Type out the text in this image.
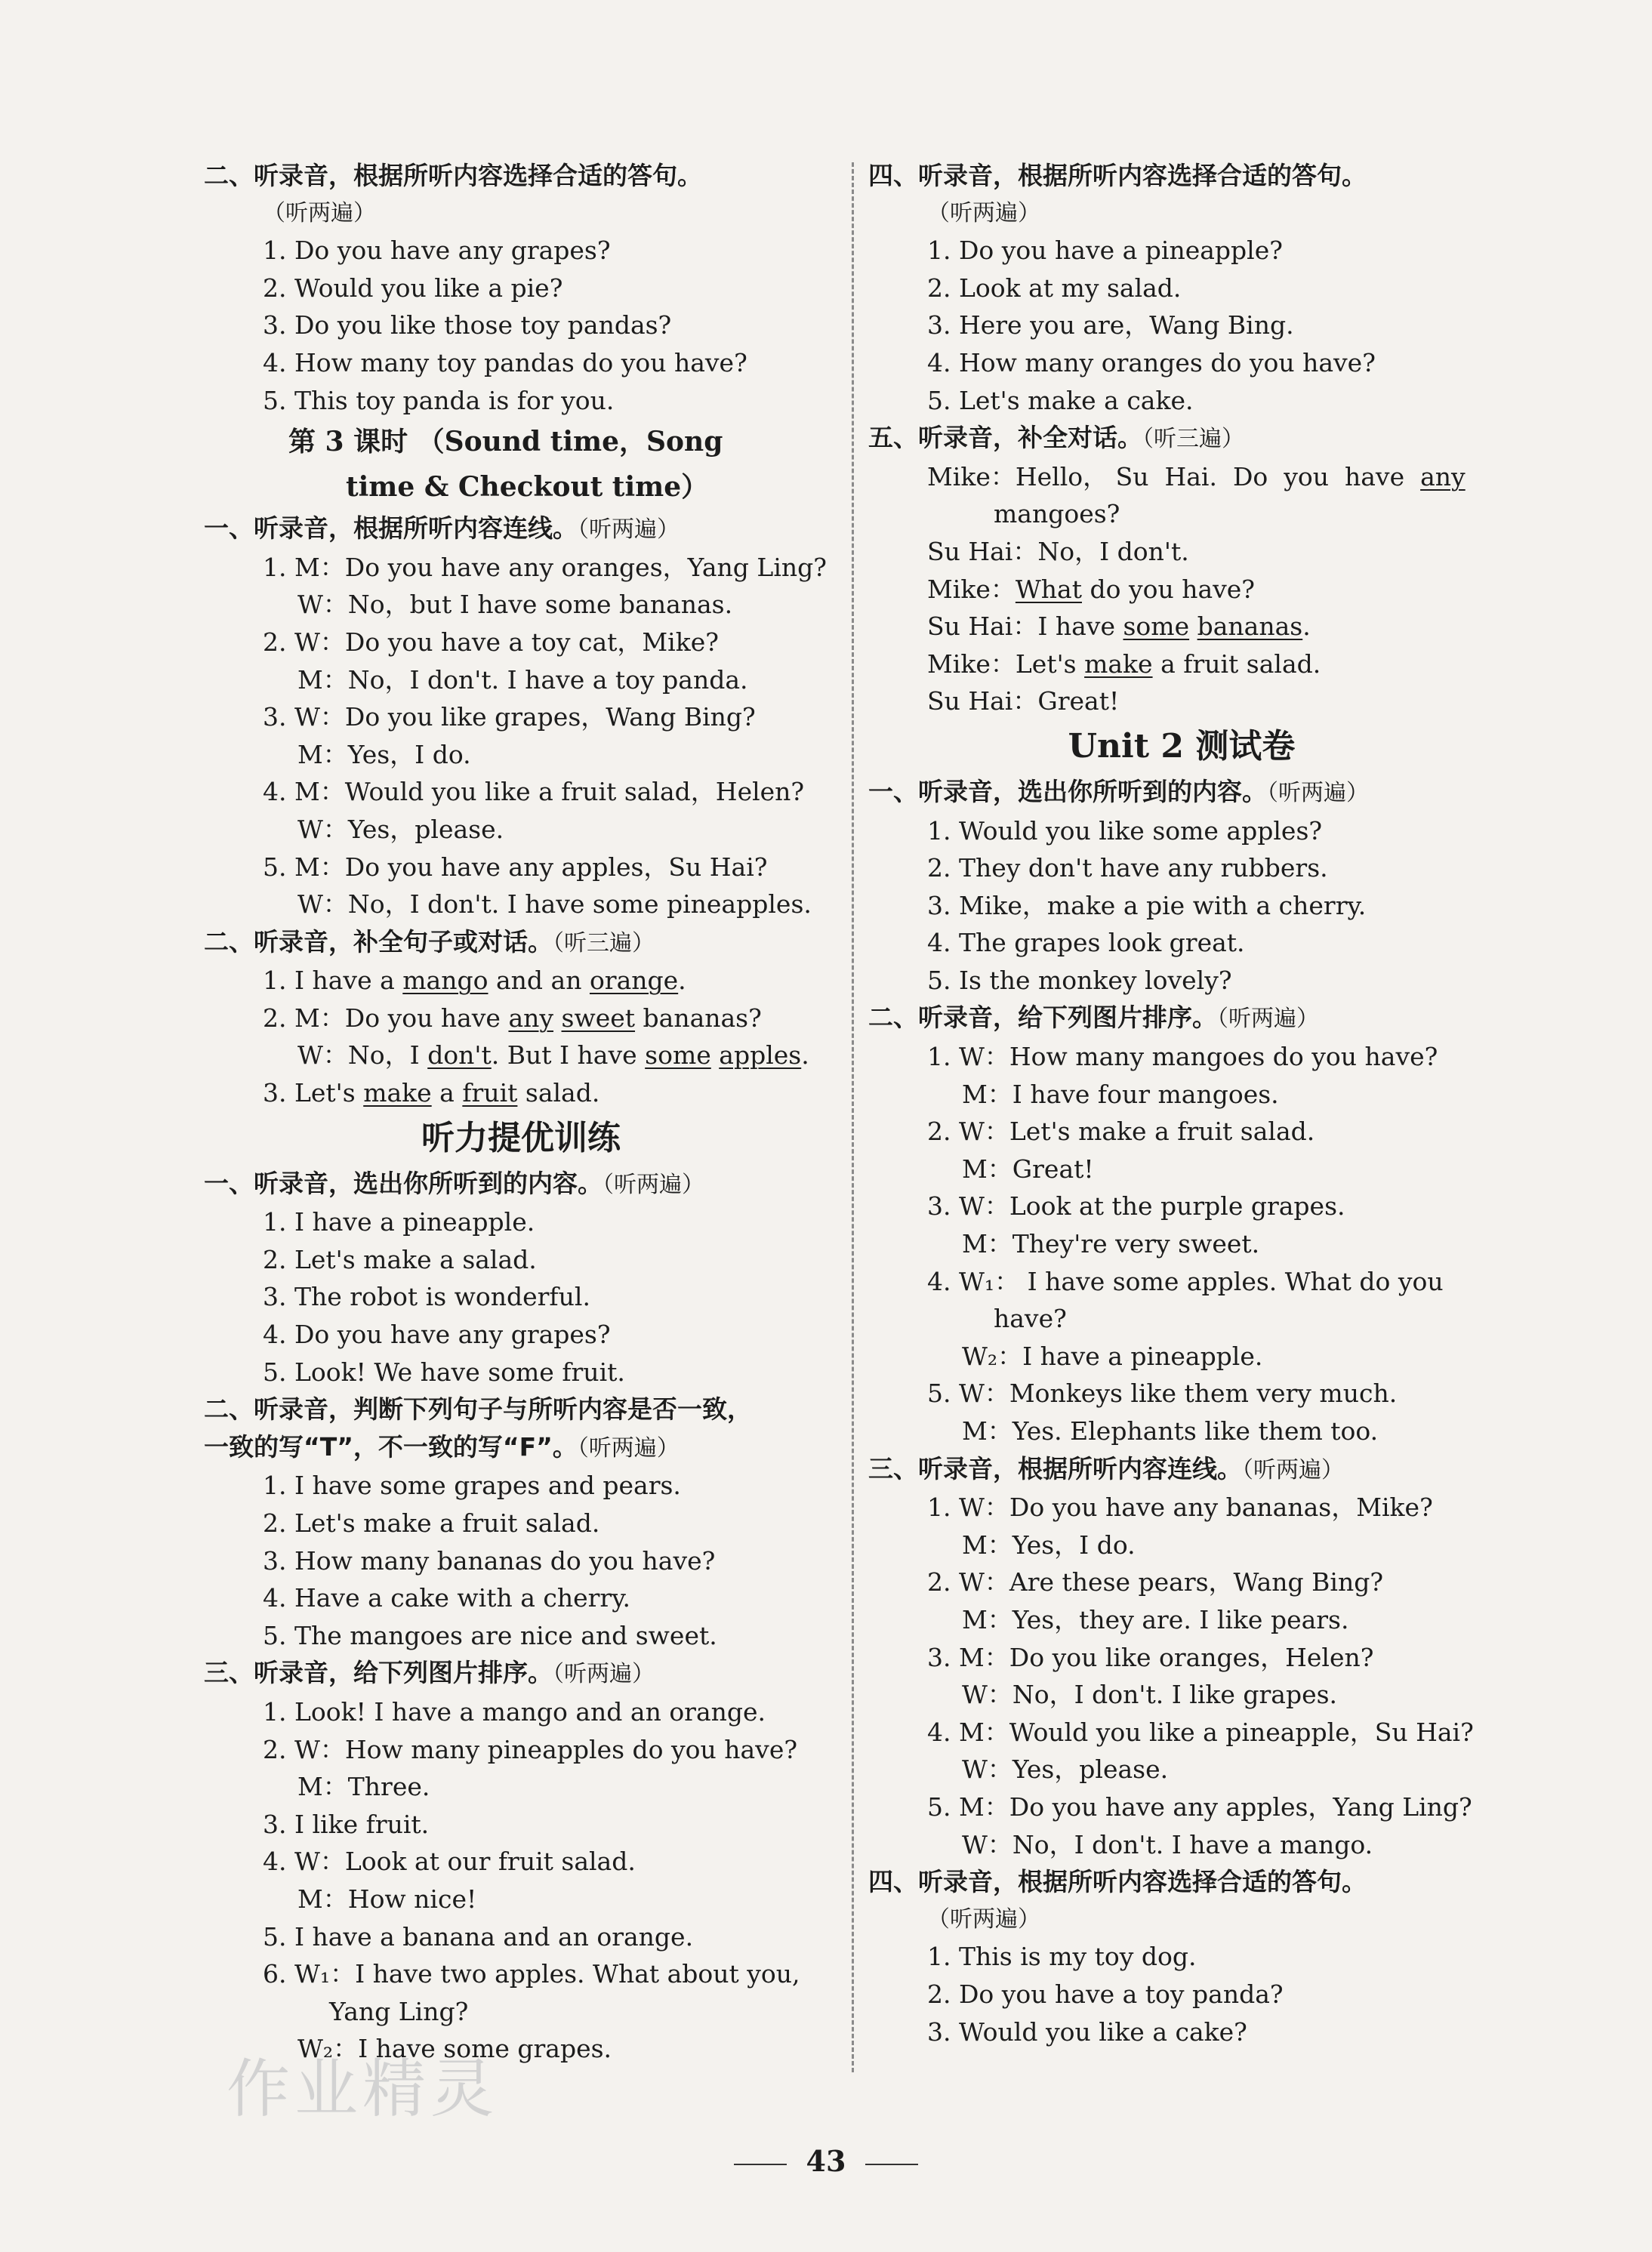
二、听录音，根据所听内容选择合适的答句。
（听两遍）
1. Do you have any grapes?
2. Would you like a pie?
3. Do you like those toy pandas?
4. How many toy pandas do you have?
5. This toy panda is for you.
第 3 课时 （Sound time，Song
time & Checkout time）
一、听录音，根据所听内容连线。（听两遍）
1. M：Do you have any oranges，Yang Ling?
W：No，but I have some bananas.
2. W：Do you have a toy cat，Mike?
M：No，I don't. I have a toy panda.
3. W：Do you like grapes，Wang Bing?
M：Yes，I do.
4. M：Would you like a fruit salad，Helen?
W：Yes，please.
5. M：Do you have any apples，Su Hai?
W：No，I don't. I have some pineapples.
二、听录音，补全句子或对话。（听三遍）
1. I have a mango and an orange.
2. M：Do you have any sweet bananas?
W：No，I don't. But I have some apples.
3. Let's make a fruit salad.
听力提优训练
一、听录音，选出你所听到的内容。（听两遍）
1. I have a pineapple.
2. Let's make a salad.
3. The robot is wonderful.
4. Do you have any grapes?
5. Look! We have some fruit.
二、听录音，判断下列句子与所听内容是否一致，
一致的写“T”，不一致的写“F”。（听两遍）
1. I have some grapes and pears.
2. Let's make a fruit salad.
3. How many bananas do you have?
4. Have a cake with a cherry.
5. The mangoes are nice and sweet.
三、听录音，给下列图片排序。（听两遍）
1. Look! I have a mango and an orange.
2. W：How many pineapples do you have?
M：Three.
3. I like fruit.
4. W：Look at our fruit salad.
M：How nice!
5. I have a banana and an orange.
6. W₁：I have two apples. What about you,
Yang Ling?
W₂：I have some grapes.
四、听录音，根据所听内容选择合适的答句。
（听两遍）
1. Do you have a pineapple?
2. Look at my salad.
3. Here you are，Wang Bing.
4. How many oranges do you have?
5. Let's make a cake.
五、听录音，补全对话。（听三遍）
Mike：Hello， Su  Hai.  Do  you  have  any
mangoes?
Su Hai：No，I don't.
Mike：What do you have?
Su Hai：I have some bananas.
Mike：Let's make a fruit salad.
Su Hai：Great!
Unit 2 测试卷
一、听录音，选出你所听到的内容。（听两遍）
1. Would you like some apples?
2. They don't have any rubbers.
3. Mike，make a pie with a cherry.
4. The grapes look great.
5. Is the monkey lovely?
二、听录音，给下列图片排序。（听两遍）
1. W：How many mangoes do you have?
M：I have four mangoes.
2. W：Let's make a fruit salad.
M：Great!
3. W：Look at the purple grapes.
M：They're very sweet.
4. W₁： I have some apples. What do you
have?
W₂：I have a pineapple.
5. W：Monkeys like them very much.
M：Yes. Elephants like them too.
三、听录音，根据所听内容连线。（听两遍）
1. W：Do you have any bananas，Mike?
M：Yes，I do.
2. W：Are these pears，Wang Bing?
M：Yes，they are. I like pears.
3. M：Do you like oranges，Helen?
W：No，I don't. I like grapes.
4. M：Would you like a pineapple，Su Hai?
W：Yes，please.
5. M：Do you have any apples，Yang Ling?
W：No，I don't. I have a mango.
四、听录音，根据所听内容选择合适的答句。
（听两遍）
1. This is my toy dog.
2. Do you have a toy panda?
3. Would you like a cake?
作业精灵
43
